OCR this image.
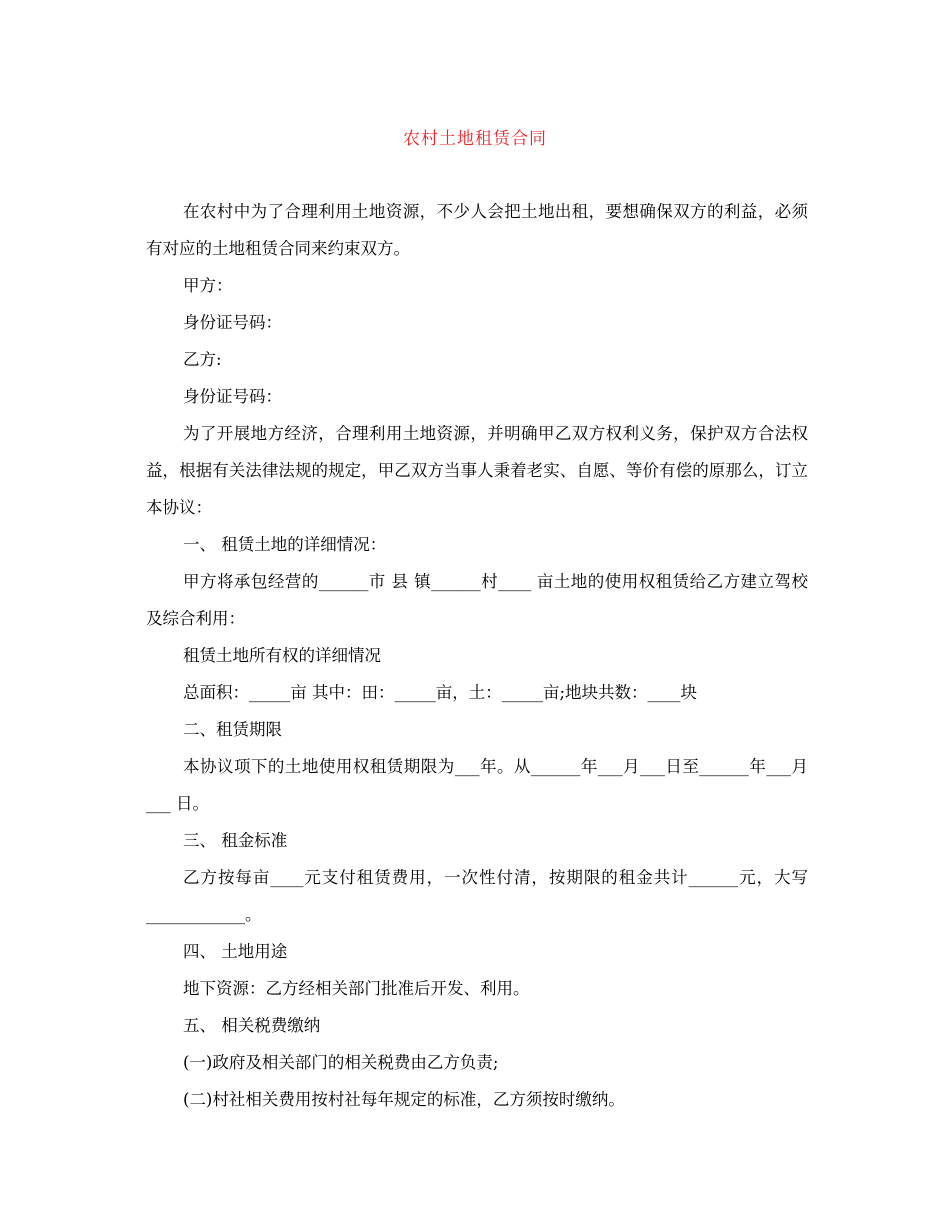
农村土地租赁合同

在农村中为了合理利用土地资源，不少人会把土地出租，要想确保双方的利益，必须有对应的土地租赁合同来约束双方。

甲方：

身份证号码：

乙方:

身份证号码：

为了开展地方经济，合理利用土地资源，并明确甲乙双方权利义务，保护双方合法权益，根据有关法律法规的规定，甲乙双方当事人秉着老实、自愿、等价有偿的原那么，订立本协议：

一、 租赁土地的详细情况：

甲方将承包经营的______市 县 镇______村____ 亩土地的使用权租赁给乙方建立驾校及综合利用：

租赁土地所有权的详细情况

总面积：_____亩 其中：田：_____亩，土：_____亩;地块共数：____块

二、租赁期限

本协议项下的土地使用权租赁期限为___年。从______年___月___日至______年___月___ 日。

三、 租金标准

乙方按每亩____元支付租赁费用，一次性付清，按期限的租金共计______元，大写____________。

四、 土地用途

地下资源：乙方经相关部门批准后开发、利用。

五、 相关税费缴纳

(一)政府及相关部门的相关税费由乙方负责;

(二)村社相关费用按村社每年规定的标准，乙方须按时缴纳。
